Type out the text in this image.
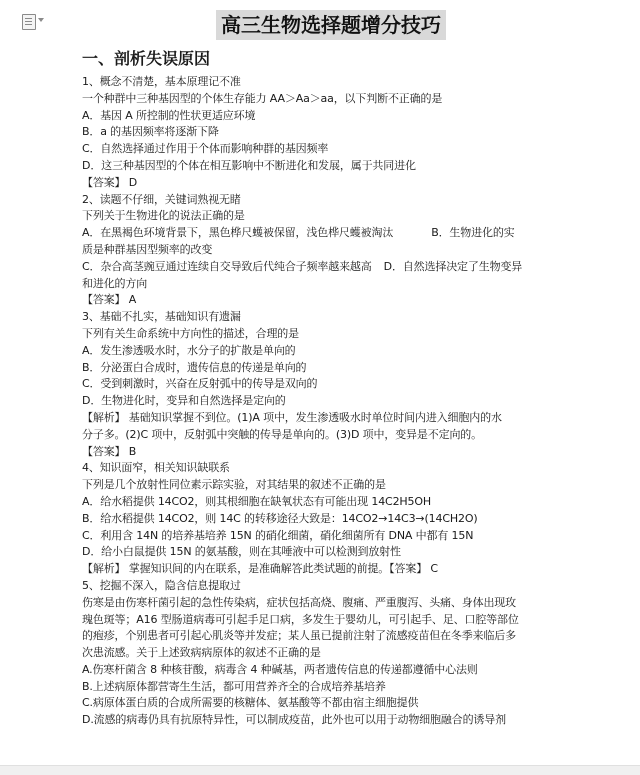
高三生物选择题增分技巧
一、剖析失误原因
1、概念不清楚，基本原理记不准
一个种群中三种基因型的个体生存能力 AA＞Aa＞aa，以下判断不正确的是
A．基因 A 所控制的性状更适应环境
B．a 的基因频率将逐渐下降
C．自然选择通过作用于个体而影响种群的基因频率
D．这三种基因型的个体在相互影响中不断进化和发展，属于共同进化
【答案】 D
2、读题不仔细，关键词熟视无睹
下列关于生物进化的说法正确的是
A．在黑褐色环境背景下，黑色桦尺蠖被保留，浅色桦尺蠖被淘汰	B．生物进化的实
质是种群基因型频率的改变
C．杂合高茎豌豆通过连续自交导致后代纯合子频率越来越高 D．自然选择决定了生物变异
和进化的方向
【答案】 A
3、基础不扎实，基础知识有遗漏
下列有关生命系统中方向性的描述，合理的是
A．发生渗透吸水时，水分子的扩散是单向的
B．分泌蛋白合成时，遗传信息的传递是单向的
C．受到刺激时，兴奋在反射弧中的传导是双向的
D．生物进化时，变异和自然选择是定向的
【解析】 基础知识掌握不到位。(1)A 项中，发生渗透吸水时单位时间内进入细胞内的水
分子多。(2)C 项中，反射弧中突触的传导是单向的。(3)D 项中，变异是不定向的。
【答案】 B
4、知识面窄，相关知识缺联系
下列是几个放射性同位素示踪实验，对其结果的叙述不正确的是
A．给水稻提供 14CO2，则其根细胞在缺氧状态有可能出现 14C2H5OH
B．给水稻提供 14CO2，则 14C 的转移途径大致是：14CO2→14C3→(14CH2O)
C．利用含 14N 的培养基培养 15N 的硝化细菌，硝化细菌所有 DNA 中都有 15N
D．给小白鼠提供 15N 的氨基酸，则在其唾液中可以检测到放射性
【解析】 掌握知识间的内在联系，是准确解答此类试题的前提。【答案】 C
5、挖掘不深入，隐含信息提取过
伤寒是由伤寒杆菌引起的急性传染病，症状包括高烧、腹痛、严重腹泻、头痛、身体出现玫
瑰色斑等；A16 型肠道病毒可引起手足口病，多发生于婴幼儿，可引起手、足、口腔等部位
的疱疹，个别患者可引起心肌炎等并发症；某人虽已提前注射了流感疫苗但在冬季来临后多
次患流感。关于上述致病病原体的叙述不正确的是
A.伤寒杆菌含 8 种核苷酸，病毒含 4 种碱基，两者遗传信息的传递都遵循中心法则
B.上述病原体都营寄生生活，都可用营养齐全的合成培养基培养
C.病原体蛋白质的合成所需要的核糖体、氨基酸等不都由宿主细胞提供
D.流感的病毒仍具有抗原特异性，可以制成疫苗，此外也可以用于动物细胞融合的诱导剂
